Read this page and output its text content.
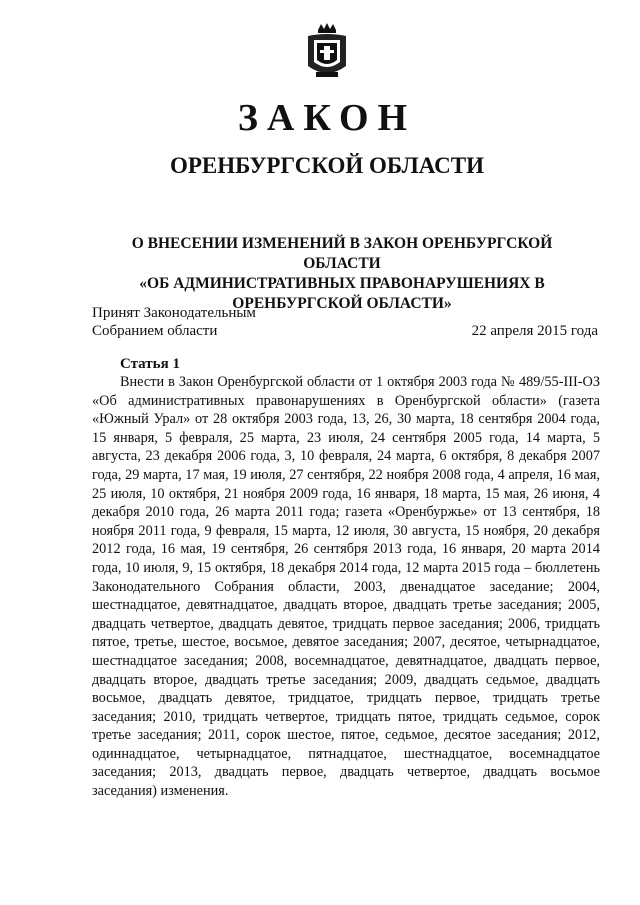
ЗАКОН
ОРЕНБУРГСКОЙ ОБЛАСТИ
О ВНЕСЕНИИ ИЗМЕНЕНИЙ В ЗАКОН ОРЕНБУРГСКОЙ ОБЛАСТИ
«ОБ АДМИНИСТРАТИВНЫХ ПРАВОНАРУШЕНИЯХ В
ОРЕНБУРГСКОЙ ОБЛАСТИ»
Принят Законодательным
Собранием области	22 апреля 2015 года
Статья 1

Внести в Закон Оренбургской области от 1 октября 2003 года № 489/55-III-ОЗ «Об административных правонарушениях в Оренбургской области» (газета «Южный Урал» от 28 октября 2003 года, 13, 26, 30 марта, 18 сентября 2004 года, 15 января, 5 февраля, 25 марта, 23 июля, 24 сентября 2005 года, 14 марта, 5 августа, 23 декабря 2006 года, 3, 10 февраля, 24 марта, 6 октября, 8 декабря 2007 года, 29 марта, 17 мая, 19 июля, 27 сентября, 22 ноября 2008 года, 4 апреля, 16 мая, 25 июля, 10 октября, 21 ноября 2009 года, 16 января, 18 марта, 15 мая, 26 июня, 4 декабря 2010 года, 26 марта 2011 года; газета «Оренбуржье» от 13 сентября, 18 ноября 2011 года, 9 февраля, 15 марта, 12 июля, 30 августа, 15 ноября, 20 декабря 2012 года, 16 мая, 19 сентября, 26 сентября 2013 года, 16 января, 20 марта 2014 года, 10 июля, 9, 15 октября, 18 декабря 2014 года, 12 марта 2015 года – бюллетень Законодательного Собрания области, 2003, двенадцатое заседание; 2004, шестнадцатое, девятнадцатое, двадцать второе, двадцать третье заседания; 2005, двадцать четвертое, двадцать девятое, тридцать первое заседания; 2006, тридцать пятое, третье, шестое, восьмое, девятое заседания; 2007, десятое, четырнадцатое, шестнадцатое заседания; 2008, восемнадцатое, девятнадцатое, двадцать первое, двадцать второе, двадцать третье заседания; 2009, двадцать седьмое, двадцать восьмое, двадцать девятое, тридцатое, тридцать первое, тридцать третье заседания; 2010, тридцать четвертое, тридцать пятое, тридцать седьмое, сорок третье заседания; 2011, сорок шестое, пятое, седьмое, десятое заседания; 2012, одиннадцатое, четырнадцатое, пятнадцатое, шестнадцатое, восемнадцатое заседания; 2013, двадцать первое, двадцать четвертое, двадцать восьмое заседания) изменения.
